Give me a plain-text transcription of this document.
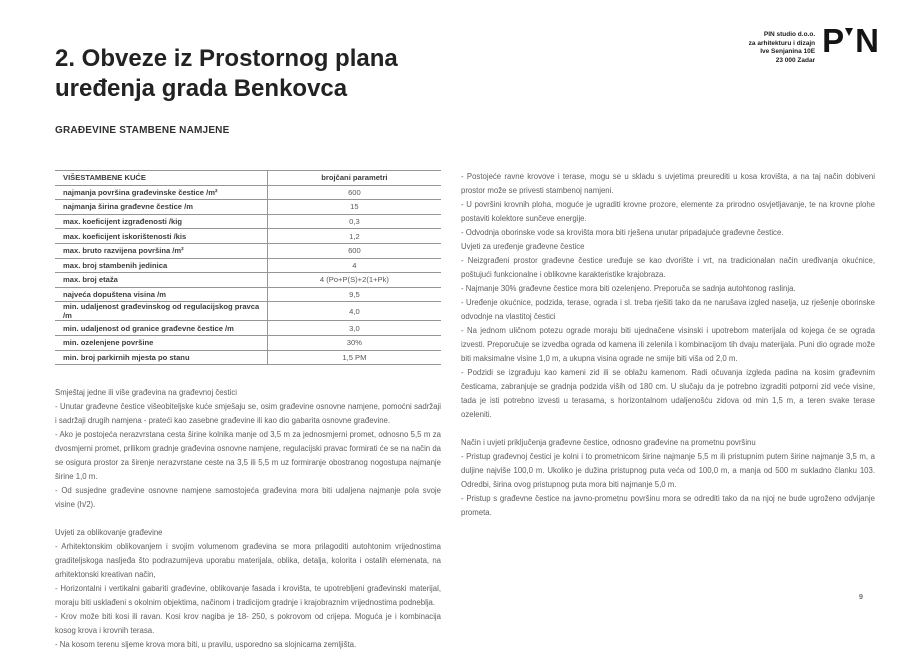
PIN studio d.o.o.
za arhitekturu i dizajn
Ive Senjanina 10E
23 000 Zadar
P N
2. Obveze iz Prostornog plana uređenja grada Benkovca
GRAĐEVINE STAMBENE NAMJENE
VIŠESTAMBENE KUĆE	brojčani parametri
najmanja površina građevinske čestice /m²	600
najmanja širina građevne čestice /m	15
max. koeficijent izgrađenosti /kig	0,3
max. koeficijent iskorištenosti /kis	1,2
max. bruto razvijena površina /m²	600
max. broj stambenih jedinica	4
max. broj etaža	4 (Po+P(S)+2(1+Pk)
najveća dopuštena visina /m	9,5
min. udaljenost građevinskog od regulacijskog pravca /m	4,0
min. udaljenost od granice građevne čestice /m	3,0
min. ozelenjene površine	30%
min. broj parkirnih mjesta po stanu	1,5 PM

Smještaj jedne ili više građevina na građevnoj čestici

- Unutar građevne čestice višeobiteljske kuće smješaju se, osim građevine osnovne namjene, pomoćni sadržaji i sadržaji drugih namjena - prateći kao zasebne građevine ili kao dio gabarita osnovne građevine.

- Ako je postojeća nerazvrstana cesta širine kolnika manje od 3,5 m za jednosmjerni promet, odnosno 5,5 m za dvosmjerni promet, prilikom gradnje građevina osnovne namjene, regulacijski pravac formirati će se na način da se osigura prostor za širenje nerazvrstane ceste na 3,5 ili 5,5 m uz formiranje obostranog nogostupa najmanje širine 1,0 m.

- Od susjedne građevine osnovne namjene samostojeća građevina mora biti udaljena najmanje pola svoje visine (h/2).

Uvjeti za oblikovanje građevine

- Arhitektonskim oblikovanjem i svojim volumenom građevina se mora prilagoditi autohtonim vrijednostima graditeljskoga nasljeđa što podrazumijeva uporabu materijala, oblika, detalja, kolorita i ostalih elemenata, na arhitektonski kreativan način,

- Horizontalni i vertikalni gabariti građevine, oblikovanje fasada i krovišta, te upotrebljeni građevinski materijal, moraju biti usklađeni s okolnim objektima, načinom i tradicijom gradnje i krajobraznim vrijednostima podneblja.

- Krov može biti kosi ili ravan. Kosi krov nagiba je 18- 250, s pokrovom od crijepa. Moguća je i kombinacija kosog krova i krovnih terasa.

- Na kosom terenu sljeme krova mora biti, u pravilu, usporedno sa slojnicama zemljišta.

- Postojeće ravne krovove i terase, mogu se u skladu s uvjetima preurediti u kosa krovišta, a na taj način dobiveni prostor može se privesti stambenoj namjeni.

- U površini krovnih ploha, moguće je ugraditi krovne prozore, elemente za prirodno osvjetljavanje, te na krovne plohe postaviti kolektore sunčeve energije.

- Odvodnja oborinske vode sa krovišta mora biti rješena unutar pripadajuće građevne čestice.

Uvjeti za uređenje građevne čestice

- Neizgrađeni prostor građevne čestice uređuje se kao dvorište i vrt, na tradicionalan način uređivanja okućnice, poštujući funkcionalne i oblikovne karakteristike krajobraza.

- Najmanje 30% građevne čestice mora biti ozelenjeno. Preporuča se sadnja autohtonog raslinja.

- Uređenje okućnice, podzida, terase, ograda i sl. treba rješiti tako da ne narušava izgled naselja, uz rješenje oborinske odvodnje na vlastitoj čestici

- Na jednom uličnom potezu ograde moraju biti ujednačene visinski i upotrebom materijala od kojega će se ograda izvesti. Preporučuje se izvedba ograda od kamena ili zelenila i kombinacijom tih dvaju materijala. Puni dio ograde može biti maksimalne visine 1,0 m, a ukupna visina ograde ne smije biti viša od 2,0 m.

- Podzidi se izgrađuju kao kameni zid ili se oblažu kamenom. Radi očuvanja izgleda padina na kosim građevnim česticama, zabranjuje se gradnja podzida viših od 180 cm. U slučaju da je potrebno izgraditi potporni zid veće visine, tada je isti potrebno izvesti u terasama, s horizontalnom udaljenošću zidova od min 1,5 m, a teren svake terase ozeleniti.

Način i uvjeti priključenja građevne čestice, odnosno građevine na prometnu površinu

- Pristup građevnoj čestici je kolni i to prometnicom širine najmanje 5,5 m ili pristupnim putem širine najmanje 3,5 m, a duljine najviše 100,0 m. Ukoliko je dužina pristupnog puta veća od 100,0 m, a manja od 500 m sukladno članku 103. Odredbi, širina ovog pristupnog puta mora biti najmanje 5,0 m.

- Pristup s građevne čestice na javno-prometnu površinu mora se odrediti tako da na njoj ne bude ugroženo odvijanje prometa.

9
